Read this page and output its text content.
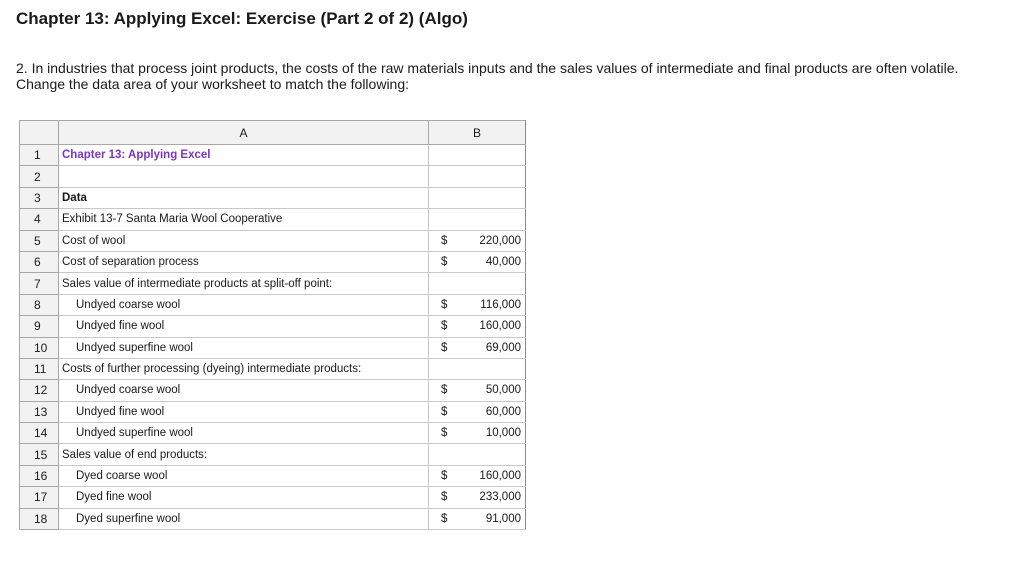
Chapter 13: Applying Excel: Exercise (Part 2 of 2) (Algo)
2. In industries that process joint products, the costs of the raw materials inputs and the sales values of intermediate and final products are often volatile. Change the data area of your worksheet to match the following:
	A	B
1	Chapter 13: Applying Excel	

2		

3	Data	

4	Exhibit 13-7 Santa Maria Wool Cooperative	

5	Cost of wool	$ 220,000

6	Cost of separation process	$ 40,000

7	Sales value of intermediate products at split-off point:	

8	Undyed coarse wool	$ 116,000

9	Undyed fine wool	$ 160,000

10	Undyed superfine wool	$ 69,000

11	Costs of further processing (dyeing) intermediate products:	

12	Undyed coarse wool	$ 50,000

13	Undyed fine wool	$ 60,000

14	Undyed superfine wool	$ 10,000

15	Sales value of end products:	

16	Dyed coarse wool	$ 160,000

17	Dyed fine wool	$ 233,000

18	Dyed superfine wool	$ 91,000
